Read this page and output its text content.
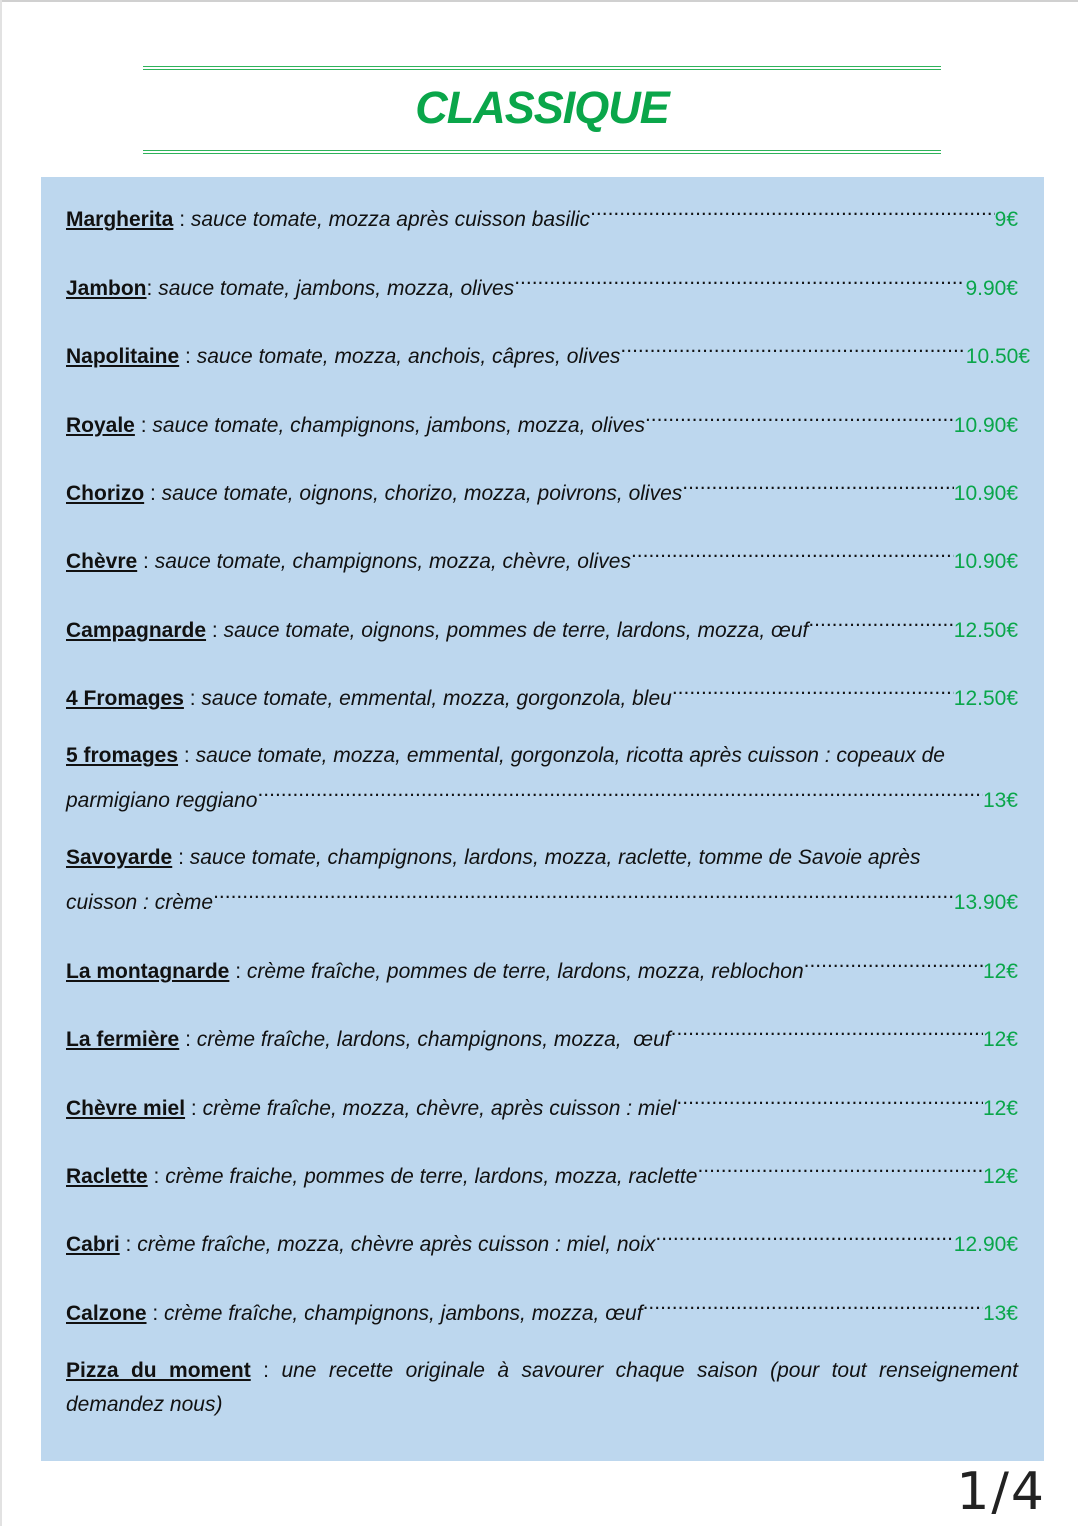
CLASSIQUE
Margherita : sauce tomate, mozza après cuisson basilic .....	9€
Jambon : sauce tomate, jambons, mozza, olives .....	9.90€
Napolitaine : sauce tomate, mozza, anchois, câpres, olives .....	10.50€
Royale : sauce tomate, champignons, jambons, mozza, olives .....	10.90€
Chorizo : sauce tomate, oignons, chorizo, mozza, poivrons, olives .....	10.90€
Chèvre : sauce tomate, champignons, mozza, chèvre, olives .....	10.90€
Campagnarde : sauce tomate, oignons, pommes de terre, lardons, mozza, œuf .....	12.50€
4 Fromages : sauce tomate, emmental, mozza, gorgonzola, bleu .....	12.50€
5 fromages : sauce tomate, mozza, emmental, gorgonzola, ricotta après cuisson : copeaux de
parmigiano reggiano .....	13€
Savoyarde : sauce tomate, champignons, lardons, mozza, raclette, tomme de Savoie après
cuisson : crème .....	13.90€
La montagnarde : crème fraîche, pommes de terre, lardons, mozza, reblochon .....	12€
La fermière : crème fraîche, lardons, champignons, mozza,  œuf .....	12€
Chèvre miel : crème fraîche, mozza, chèvre, après cuisson : miel .....	12€
Raclette : crème fraiche, pommes de terre, lardons, mozza, raclette .....	12€
Cabri : crème fraîche, mozza, chèvre après cuisson : miel, noix .....	12.90€
Calzone : crème fraîche, champignons, jambons, mozza, œuf .....	13€
Pizza du moment : une recette originale à savourer chaque saison (pour tout renseignement demandez nous)
1/4
